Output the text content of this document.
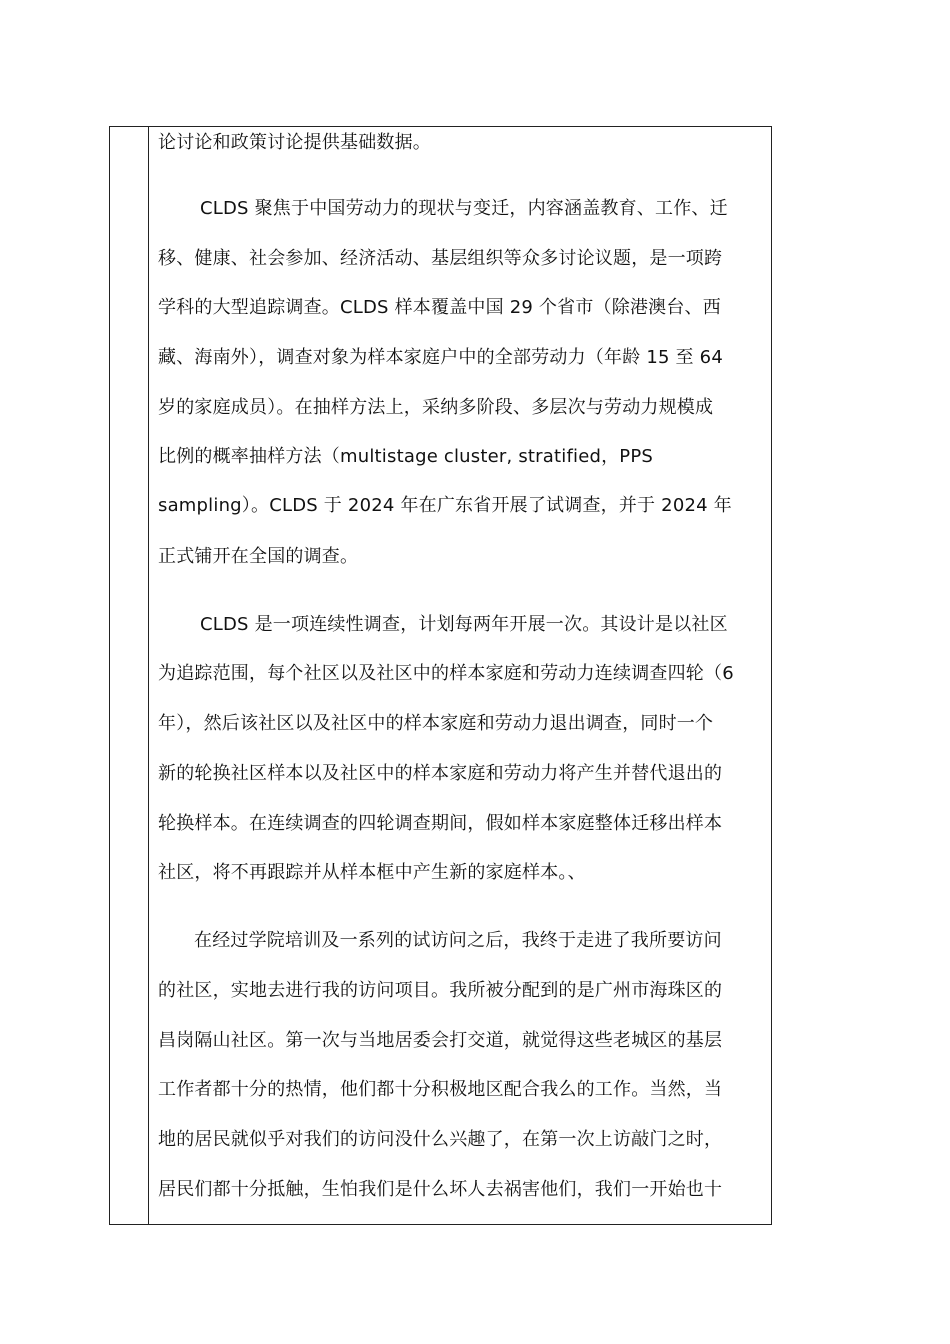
论讨论和政策讨论提供基础数据。
CLDS 聚焦于中国劳动力的现状与变迁，内容涵盖教育、工作、迁
移、健康、社会参加、经济活动、基层组织等众多讨论议题，是一项跨
学科的大型追踪调查。CLDS 样本覆盖中国 29 个省市（除港澳台、西
藏、海南外），调查对象为样本家庭户中的全部劳动力（年龄 15 至 64
岁的家庭成员）。在抽样方法上，采纳多阶段、多层次与劳动力规模成
比例的概率抽样方法（multistage cluster, stratified，PPS
sampling）。CLDS 于 2024 年在广东省开展了试调查，并于 2024 年
正式铺开在全国的调查。
CLDS 是一项连续性调查，计划每两年开展一次。其设计是以社区
为追踪范围，每个社区以及社区中的样本家庭和劳动力连续调查四轮（6
年），然后该社区以及社区中的样本家庭和劳动力退出调查，同时一个
新的轮换社区样本以及社区中的样本家庭和劳动力将产生并替代退出的
轮换样本。在连续调查的四轮调查期间，假如样本家庭整体迁移出样本
社区，将不再跟踪并从样本框中产生新的家庭样本。、
在经过学院培训及一系列的试访问之后，我终于走进了我所要访问
的社区，实地去进行我的访问项目。我所被分配到的是广州市海珠区的
昌岗隔山社区。第一次与当地居委会打交道，就觉得这些老城区的基层
工作者都十分的热情，他们都十分积极地区配合我么的工作。当然，当
地的居民就似乎对我们的访问没什么兴趣了，在第一次上访敲门之时，
居民们都十分抵触，生怕我们是什么坏人去祸害他们，我们一开始也十
